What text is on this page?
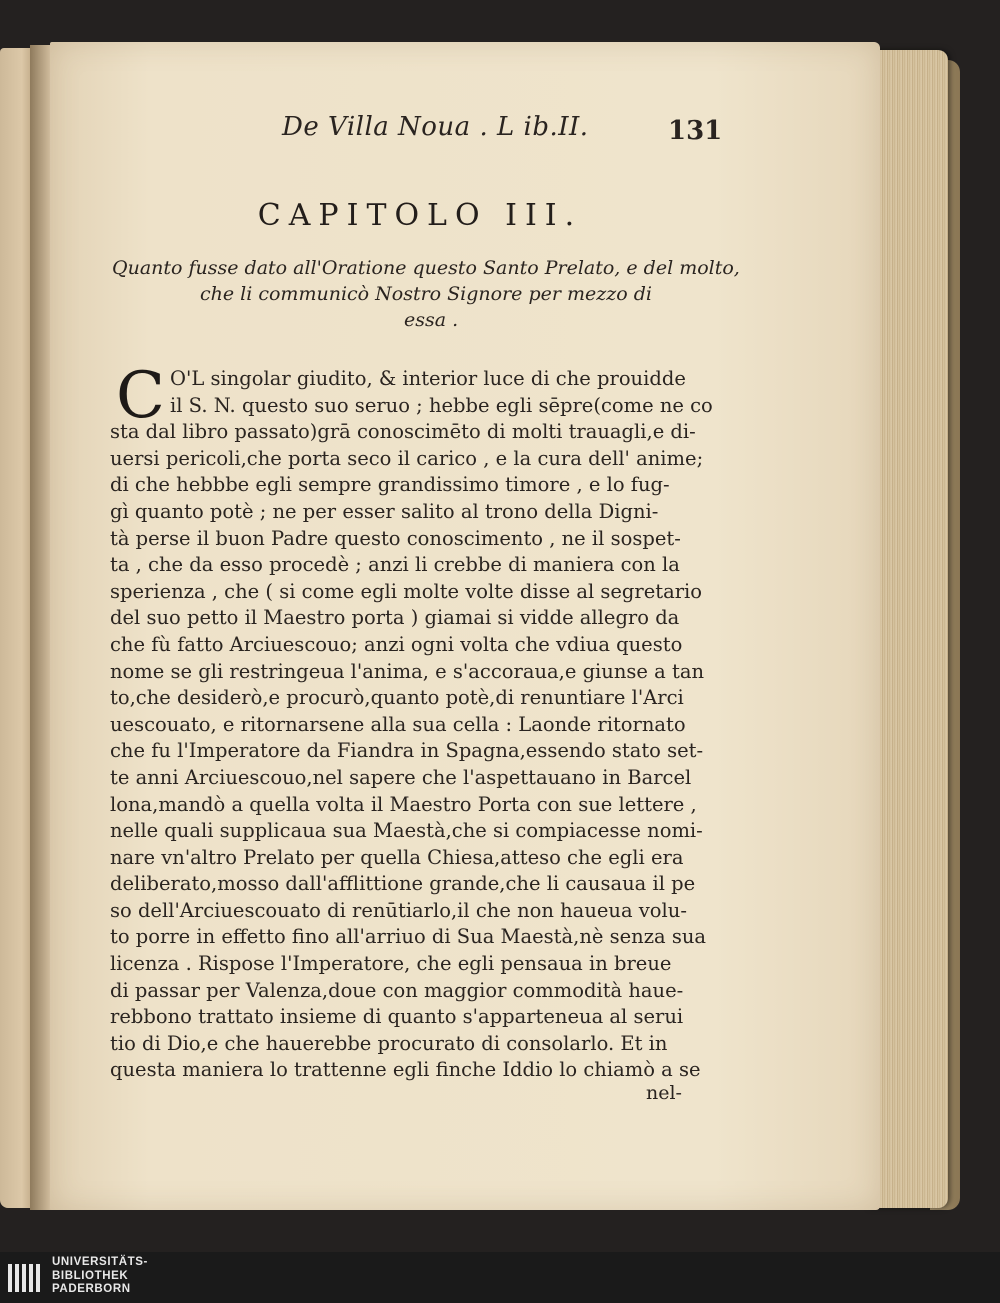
De Villa Noua . L ib.II.	131
CAPITOLO III.
Quanto fusse dato all'Oratione questo Santo Prelato, e del molto,
che li communicò Nostro Signore per mezzo di
essa .
C O'L singolar giudito, & interior luce di che prouidde
il S. N. questo suo seruo ; hebbe egli sēpre(come ne co
sta dal libro passato)grā conoscimēto di molti trauagli,e di-
uersi pericoli,che porta seco il carico , e la cura dell' anime;
di che hebbbe egli sempre grandissimo timore , e lo fug-
gì quanto potè ; ne per esser salito al trono della Digni-
tà perse il buon Padre questo conoscimento , ne il sospet-
ta , che da esso procedè ; anzi li crebbe di maniera con la
sperienza , che ( si come egli molte volte disse al segretario
del suo petto il Maestro porta ) giamai si vidde allegro da
che fù fatto Arciuescouo; anzi ogni volta che vdiua questo
nome se gli restringeua l'anima, e s'accoraua,e giunse a tan
to,che desiderò,e procurò,quanto potè,di renuntiare l'Arci
uescouato, e ritornarsene alla sua cella : Laonde ritornato
che fu l'Imperatore da Fiandra in Spagna,essendo stato set-
te anni Arciuescouo,nel sapere che l'aspettauano in Barcel
lona,mandò a quella volta il Maestro Porta con sue lettere ,
nelle quali supplicaua sua Maestà,che si compiacesse nomi-
nare vn'altro Prelato per quella Chiesa,atteso che egli era
deliberato,mosso dall'afflittione grande,che li causaua il pe
so dell'Arciuescouato di renūtiarlo,il che non haueua volu-
to porre in effetto fino all'arriuo di Sua Maestà,nè senza sua
licenza . Rispose l'Imperatore, che egli pensaua in breue
di passar per Valenza,doue con maggior commodità haue-
rebbono trattato insieme di quanto s'apparteneua al serui
tio di Dio,e che hauerebbe procurato di consolarlo. Et in
questa maniera lo trattenne egli finche Iddio lo chiamò a se
nel-
UNIVERSITÄTS-
BIBLIOTHEK
PADERBORN
